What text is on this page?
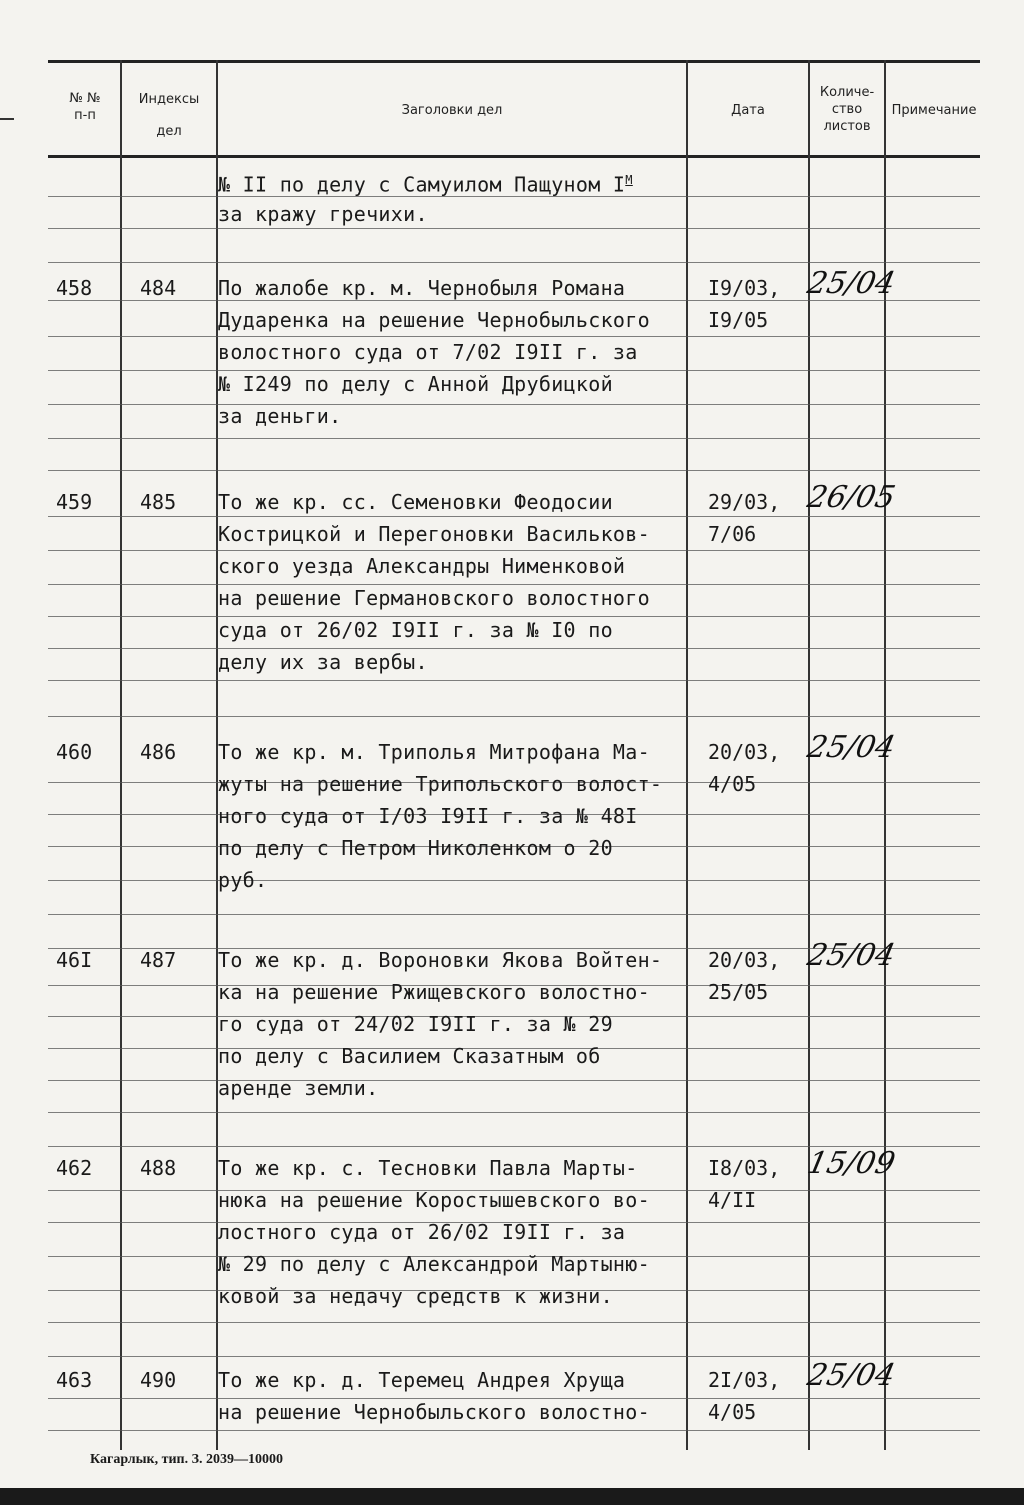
№ №
п-п
Индексы
дел
Заголовки дел	Дата
Количе-
ство
листов
Примечание
№ II по делу с Самуилом Пащуном $I^М$
за кражу гречихи.
458 484 По жалобе кр. м. Чернобыля Романа
Дударенка на решение Чернобыльского
волостного суда от 7/02 I9II г. за
№ I249 по делу с Анной Друбицкой
за деньги.
I9/03,
I9/05
25/04
459 485 То же кр. сс. Семеновки Феодосии
Кострицкой и Перегоновки Васильков-
ского уезда Александры Нименковой
на решение Германовского волостного
суда от 26/02 I9II г. за № I0 по
делу их за вербы.
29/03,
7/06
26/05
460 486 То же кр. м. Триполья Митрофана Ма-
жуты на решение Трипольского волост-
ного суда от I/03 I9II г. за № 48I
по делу с Петром Николенком о 20
руб.
20/03,
4/05
25/04
46I 487 То же кр. д. Вороновки Якова Войтен-
ка на решение Ржищевского волостно-
го суда от 24/02 I9II г. за № 29
по делу с Василием Сказатным об
аренде земли.
20/03,
25/05
25/04
462 488 То же кр. с. Тесновки Павла Марты-
нюка на решение Коростышевского во-
лостного суда от 26/02 I9II г. за
№ 29 по делу с Александрой Мартыню-
ковой за недачу средств к жизни.
I8/03,
4/II
15/09
463 490 То же кр. д. Теремец Андрея Хруща
на решение Чернобыльского волостно-
2I/03,
4/05
25/04
Кагарлык, тип. З. 2039—10000
